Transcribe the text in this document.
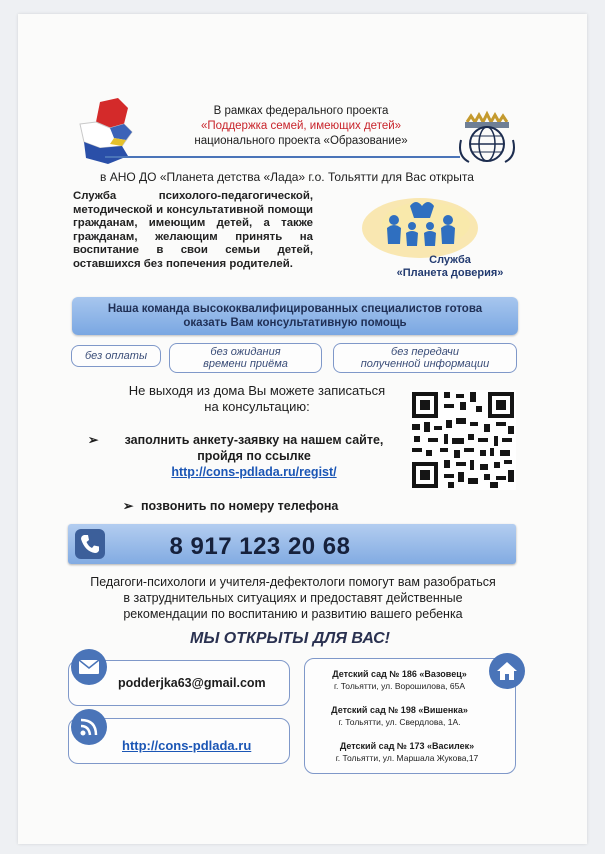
В рамках федерального проекта
«Поддержка семей, имеющих детей»
национального проекта «Образование»
в АНО ДО «Планета детства «Лада» г.о. Тольятти для Вас открыта
Служба психолого-педагогической, методической и консультативной помощи гражданам, имеющим детей, а также гражданам, желающим принять на воспитание в свои семьи детей, оставшихся без попечения родителей.	Служба
«Планета доверия»
Наша команда высококвалифицированных специалистов готова
оказать Вам консультативную помощь
без оплаты	без ожидания
времени приёма
без передачи
полученной информации
Не выходя из дома Вы можете записаться
на консультацию:
➢	заполнить анкету-заявку на нашем сайте,
пройдя по ссылке
http://cons-pdlada.ru/regist/
➢ позвонить по номеру телефона
8 917 123 20 68
Педагоги-психологи и учителя-дефектологи помогут вам разобраться
в затруднительных ситуациях и предоставят действенные
рекомендации по воспитанию и развитию вашего ребенка
МЫ ОТКРЫТЫ ДЛЯ ВАС!
podderjka63@gmail.com
http://cons-pdlada.ru
Детский сад № 186 «Вазовец»
г. Тольятти, ул. Ворошилова, 65А
Детский сад № 198 «Вишенка»
г. Тольятти, ул. Свердлова, 1А.
Детский сад № 173 «Василек»
г. Тольятти, ул. Маршала Жукова,17
